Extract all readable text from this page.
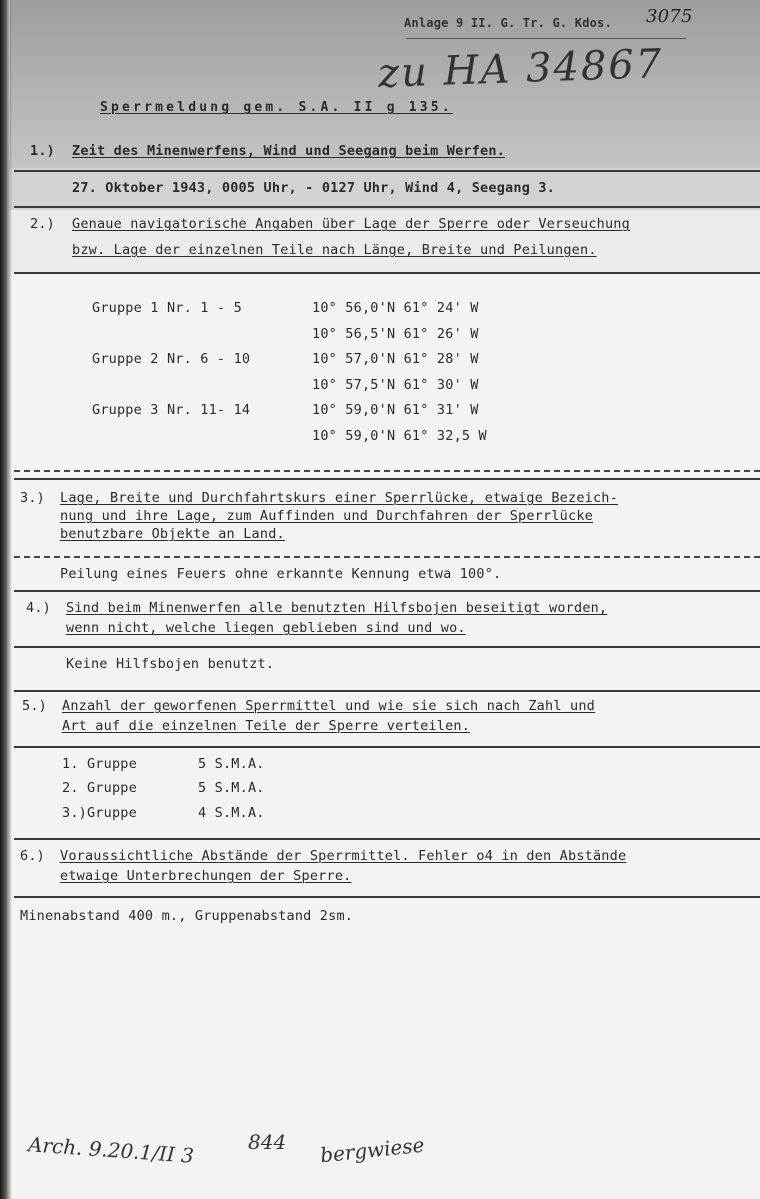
Anlage 9 II. G. Tr. G. Kdos. 3075
zu HA 34867
Sperrmeldung gem. S.A. II g 135.
1.) Zeit des Minenwerfens, Wind und Seegang beim Werfen.
27. Oktober 1943, 0005 Uhr, - 0127 Uhr, Wind 4, Seegang 3.
2.) Genaue navigatorische Angaben über Lage der Sperre oder Verseuchung
bzw. Lage der einzelnen Teile nach Länge, Breite und Peilungen.
Gruppe 1 Nr. 1 - 5	10° 56,0'N 61° 24' W
10° 56,5'N 61° 26' W
Gruppe 2 Nr. 6 - 10	10° 57,0'N 61° 28' W
10° 57,5'N 61° 30' W
Gruppe 3 Nr. 11- 14	10° 59,0'N 61° 31' W
10° 59,0'N 61° 32,5 W
3.) Lage, Breite und Durchfahrtskurs einer Sperrlücke, etwaige Bezeich-
nung und ihre Lage, zum Auffinden und Durchfahren der Sperrlücke
benutzbare Objekte an Land.
Peilung eines Feuers ohne erkannte Kennung etwa 100°.
4.) Sind beim Minenwerfen alle benutzten Hilfsbojen beseitigt worden,
wenn nicht, welche liegen geblieben sind und wo.
Keine Hilfsbojen benutzt.
5.) Anzahl der geworfenen Sperrmittel und wie sie sich nach Zahl und
Art auf die einzelnen Teile der Sperre verteilen.
1. Gruppe	5 S.M.A.
2. Gruppe	5 S.M.A.
3.)Gruppe	4 S.M.A.
6.) Voraussichtliche Abstände der Sperrmittel. Fehler o4 in den Abstände
etwaige Unterbrechungen der Sperre.
Minenabstand 400 m., Gruppenabstand 2sm.
Arch. 9.20.1/II 3	844 bergwiese
